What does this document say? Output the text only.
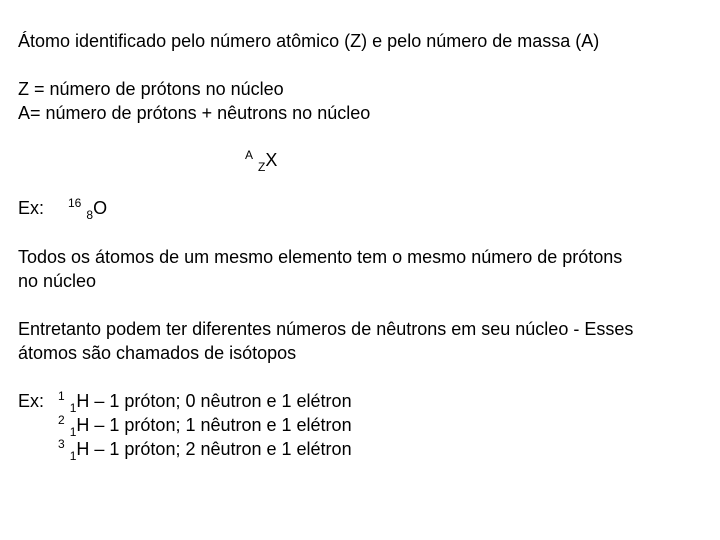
Átomo identificado pelo número atômico (Z) e pelo número de massa (A)
Z = número de prótons no núcleo
A= número de prótons + nêutrons no núcleo
$^A$ $_Z$X
Ex: $^{16}$ $_8$O
Todos os átomos de um mesmo elemento tem o mesmo número de prótons
no núcleo
Entretanto podem ter diferentes números de nêutrons em seu núcleo - Esses
átomos são chamados de isótopos
Ex: $^1$ $_1$H – 1 próton; 0 nêutron e 1 elétron
$^2$ $_1$H – 1 próton; 1 nêutron e 1 elétron
$^3$ $_1$H – 1 próton; 2 nêutron e 1 elétron
